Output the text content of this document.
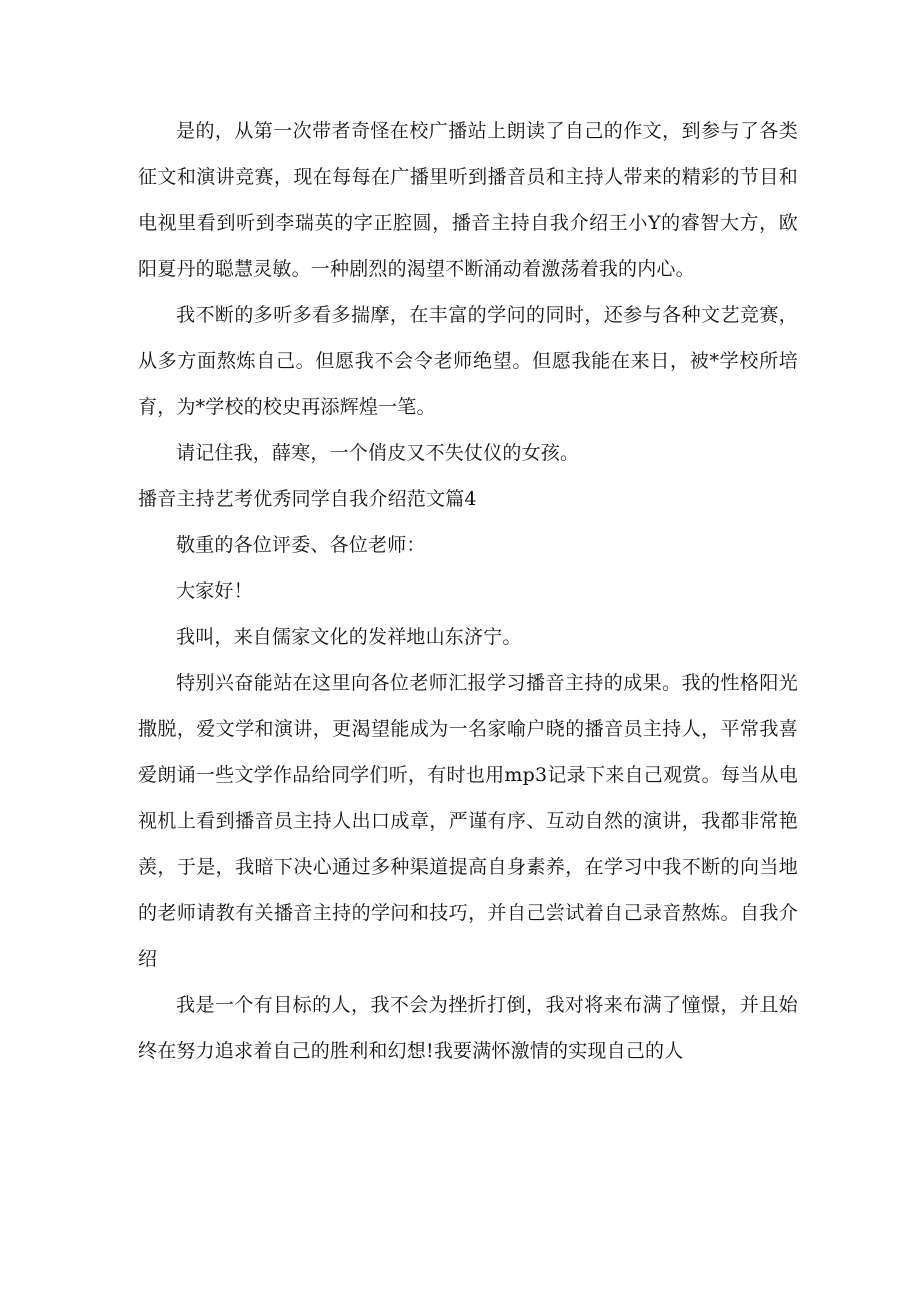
是的，从第一次带者奇怪在校广播站上朗读了自己的作文，到参与了各类征文和演讲竞赛，现在每每在广播里听到播音员和主持人带来的精彩的节目和电视里看到听到李瑞英的字正腔圆，播音主持自我介绍王小Y的睿智大方，欧阳夏丹的聪慧灵敏。一种剧烈的渴望不断涌动着激荡着我的内心。

我不断的多听多看多揣摩，在丰富的学问的同时，还参与各种文艺竞赛，从多方面熬炼自己。但愿我不会令老师绝望。但愿我能在来日，被*学校所培育，为*学校的校史再添辉煌一笔。

请记住我，薛寒，一个俏皮又不失仗仪的女孩。

播音主持艺考优秀同学自我介绍范文篇4

敬重的各位评委、各位老师：

大家好！

我叫，来自儒家文化的发祥地山东济宁。

特别兴奋能站在这里向各位老师汇报学习播音主持的成果。我的性格阳光撒脱，爱文学和演讲，更渴望能成为一名家喻户晓的播音员主持人，平常我喜爱朗诵一些文学作品给同学们听，有时也用mp3记录下来自己观赏。每当从电视机上看到播音员主持人出口成章，严谨有序、互动自然的演讲，我都非常艳羡，于是，我暗下决心通过多种渠道提高自身素养，在学习中我不断的向当地的老师请教有关播音主持的学问和技巧，并自己尝试着自己录音熬炼。自我介绍

我是一个有目标的人，我不会为挫折打倒，我对将来布满了憧憬，并且始终在努力追求着自己的胜利和幻想!我要满怀激情的实现自己的人
